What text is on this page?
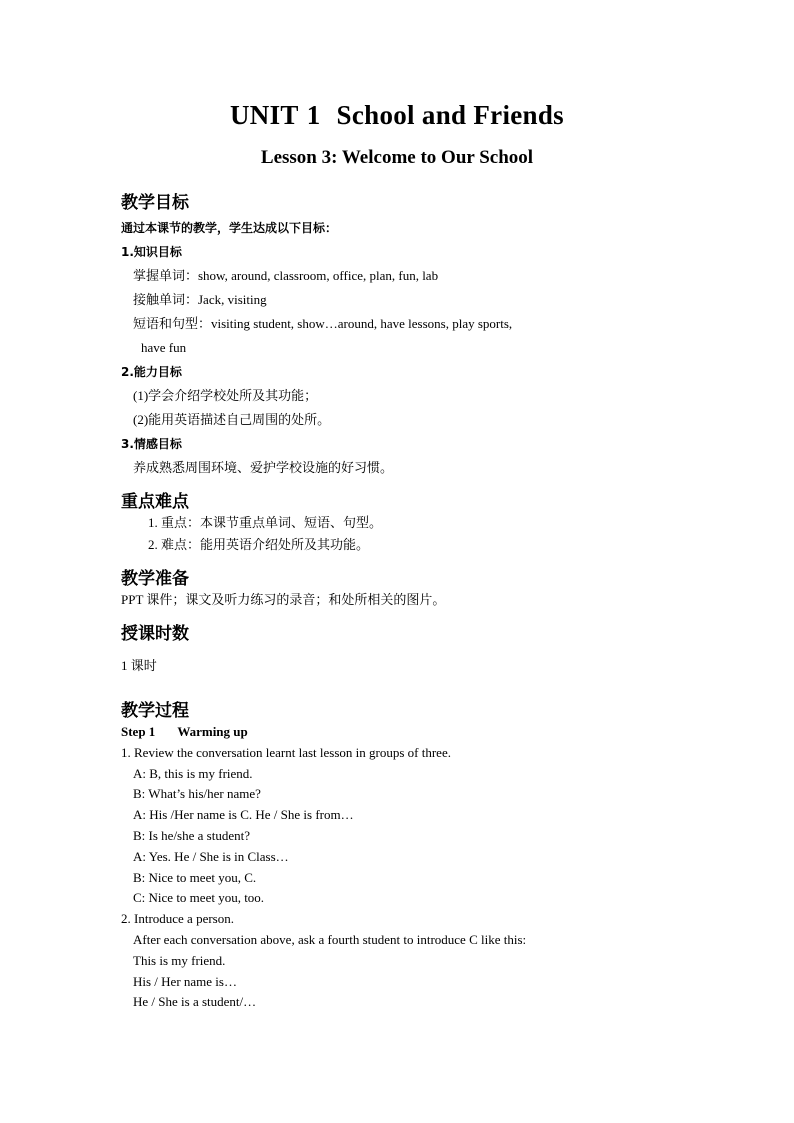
UNIT 1 School and Friends
Lesson 3: Welcome to Our School
教学目标
通过本课节的教学，学生达成以下目标：
1.知识目标
掌握单词：show, around, classroom, office, plan, fun, lab
接触单词：Jack, visiting
短语和句型：visiting student, show…around, have lessons, play sports,
have fun
2.能力目标
(1)学会介绍学校处所及其功能；
(2)能用英语描述自己周围的处所。
3.情感目标
养成熟悉周围环境、爱护学校设施的好习惯。
重点难点
1. 重点：本课节重点单词、短语、句型。
2. 难点：能用英语介绍处所及其功能。
教学准备
PPT 课件；课文及听力练习的录音；和处所相关的图片。
授课时数
1 课时
教学过程
Step 1 Warming up
1. Review the conversation learnt last lesson in groups of three.
A: B, this is my friend.
B: What’s his/her name?
A: His /Her name is C. He / She is from…
B: Is he/she a student?
A: Yes. He / She is in Class…
B: Nice to meet you, C.
C: Nice to meet you, too.
2. Introduce a person.
After each conversation above, ask a fourth student to introduce C like this:
This is my friend.
His / Her name is…
He / She is a student/…
